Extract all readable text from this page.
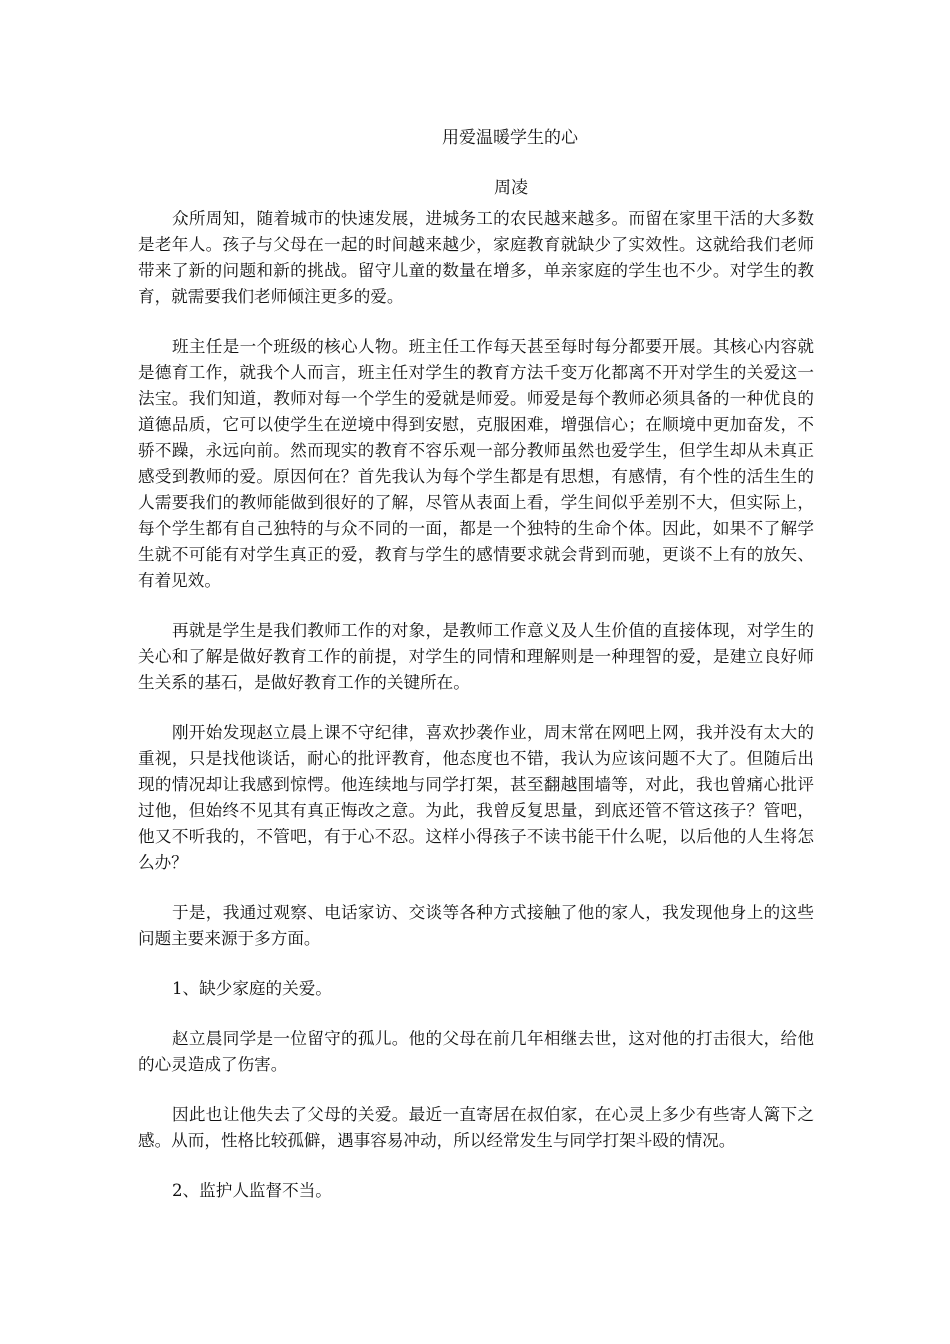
用爱温暖学生的心
周凌

众所周知，随着城市的快速发展，进城务工的农民越来越多。而留在家里干活的大多数是老年人。孩子与父母在一起的时间越来越少，家庭教育就缺少了实效性。这就给我们老师带来了新的问题和新的挑战。留守儿童的数量在增多，单亲家庭的学生也不少。对学生的教育，就需要我们老师倾注更多的爱。

班主任是一个班级的核心人物。班主任工作每天甚至每时每分都要开展。其核心内容就是德育工作，就我个人而言，班主任对学生的教育方法千变万化都离不开对学生的关爱这一法宝。我们知道，教师对每一个学生的爱就是师爱。师爱是每个教师必须具备的一种优良的道德品质，它可以使学生在逆境中得到安慰，克服困难，增强信心；在顺境中更加奋发，不骄不躁，永远向前。然而现实的教育不容乐观一部分教师虽然也爱学生，但学生却从未真正感受到教师的爱。原因何在？首先我认为每个学生都是有思想，有感情，有个性的活生生的人需要我们的教师能做到很好的了解，尽管从表面上看，学生间似乎差别不大，但实际上，每个学生都有自己独特的与众不同的一面，都是一个独特的生命个体。因此，如果不了解学生就不可能有对学生真正的爱，教育与学生的感情要求就会背到而驰，更谈不上有的放矢、有着见效。

再就是学生是我们教师工作的对象，是教师工作意义及人生价值的直接体现，对学生的关心和了解是做好教育工作的前提，对学生的同情和理解则是一种理智的爱，是建立良好师生关系的基石，是做好教育工作的关键所在。

刚开始发现赵立晨上课不守纪律，喜欢抄袭作业，周末常在网吧上网，我并没有太大的重视，只是找他谈话，耐心的批评教育，他态度也不错，我认为应该问题不大了。但随后出现的情况却让我感到惊愕。他连续地与同学打架，甚至翻越围墙等，对此，我也曾痛心批评过他，但始终不见其有真正悔改之意。为此，我曾反复思量，到底还管不管这孩子？管吧，他又不听我的，不管吧，有于心不忍。这样小得孩子不读书能干什么呢，以后他的人生将怎么办？

于是，我通过观察、电话家访、交谈等各种方式接触了他的家人，我发现他身上的这些问题主要来源于多方面。

1、缺少家庭的关爱。

赵立晨同学是一位留守的孤儿。他的父母在前几年相继去世，这对他的打击很大，给他的心灵造成了伤害。

因此也让他失去了父母的关爱。最近一直寄居在叔伯家，在心灵上多少有些寄人篱下之感。从而，性格比较孤僻，遇事容易冲动，所以经常发生与同学打架斗殴的情况。

2、监护人监督不当。
